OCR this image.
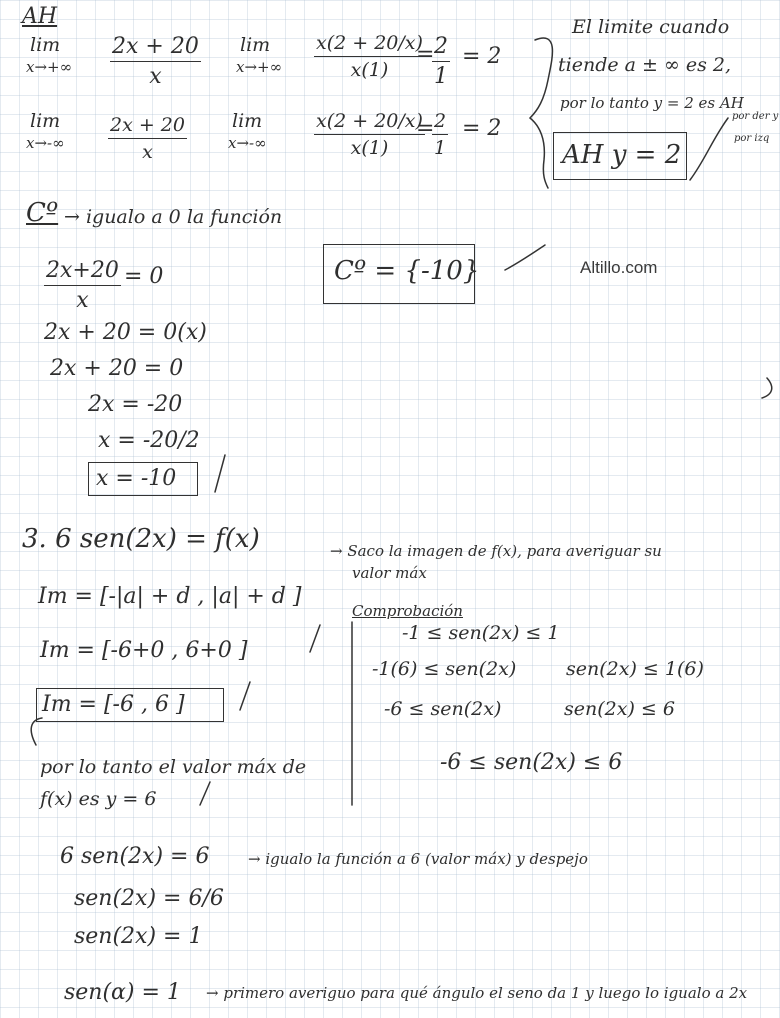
AH
lim
$x\to+\infty \frac{2x + 20}{x}$ lim
$x\to+\infty \frac{x(2 + 20/x)}{x(1)}$
=
$\frac{2}{1} = 2$
lim
$x\to-\infty \frac{2x + 20}{x}$ lim
$x\to-\infty \frac{x(2 + 20/x)}{x(1)}$
=
$\frac{2}{1} = 2$
El limite cuando
tiende a ± ∞ es 2,
por lo tanto y = 2 es AH
AH y = 2
por der y
por izq
Cº → igualo a 0 la función
$\frac{2x+20}{x} = 0$
2x + 20 = 0(x)
2x + 20 = 0
2x = -20
x = -20/2
x = -10
Cº = {-10}	Altillo.com
3. 6 sen(2x) = f(x)	→ Saco la imagen de f(x), para averiguar su
valor máx
Im = [-|a| + d , |a| + d ]
Im = [-6+0 , 6+0 ]
Im = [-6 , 6 ]
por lo tanto el valor máx de
f(x) es y = 6
Comprobación
-1 ≤ sen(2x) ≤ 1
-1(6) ≤ sen(2x)	sen(2x) ≤ 1(6)
-6 ≤ sen(2x)	sen(2x) ≤ 6
-6 ≤ sen(2x) ≤ 6
6 sen(2x) = 6	→ igualo la función a 6 (valor máx) y despejo
sen(2x) = 6/6
sen(2x) = 1
sen(α) = 1 → primero averiguo para qué ángulo el seno da 1 y luego lo igualo a 2x
